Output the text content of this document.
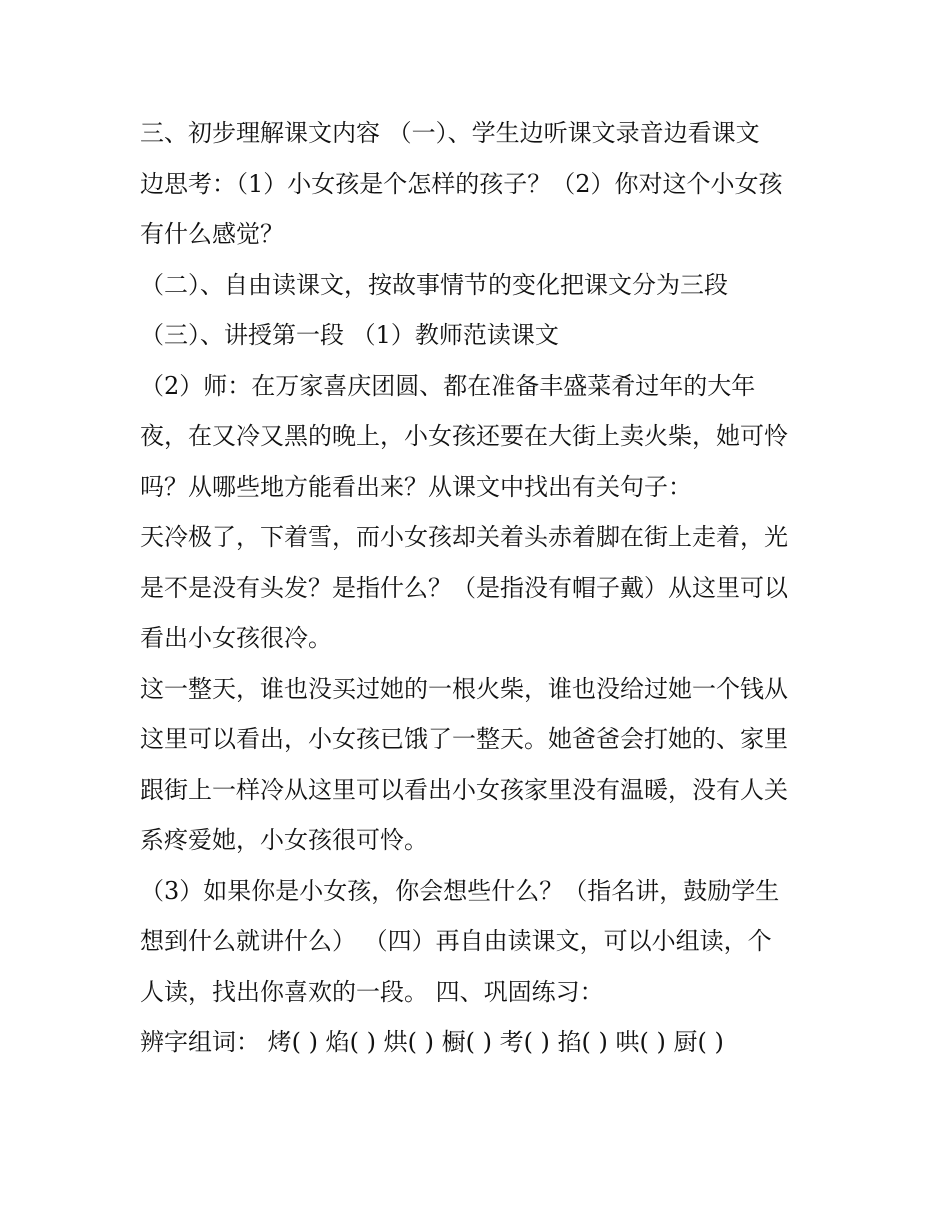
三、初步理解课文内容 （一）、学生边听课文录音边看课文
边思考：（1）小女孩是个怎样的孩子？（2）你对这个小女孩
有什么感觉？
（二）、自由读课文，按故事情节的变化把课文分为三段
（三）、讲授第一段 （1）教师范读课文
（2）师：在万家喜庆团圆、都在准备丰盛菜肴过年的大年
夜，在又冷又黑的晚上，小女孩还要在大街上卖火柴，她可怜
吗？从哪些地方能看出来？从课文中找出有关句子：
天冷极了，下着雪，而小女孩却关着头赤着脚在街上走着，光
是不是没有头发？是指什么？（是指没有帽子戴）从这里可以
看出小女孩很冷。
这一整天，谁也没买过她的一根火柴，谁也没给过她一个钱从
这里可以看出，小女孩已饿了一整天。她爸爸会打她的、家里
跟街上一样冷从这里可以看出小女孩家里没有温暖，没有人关
系疼爱她，小女孩很可怜。
（3）如果你是小女孩，你会想些什么？（指名讲，鼓励学生
想到什么就讲什么） （四）再自由读课文，可以小组读，个
人读，找出你喜欢的一段。 四、巩固练习：
辨字组词： 烤( ) 焰( ) 烘( ) 橱( ) 考( ) 掐( ) 哄( ) 厨( )
